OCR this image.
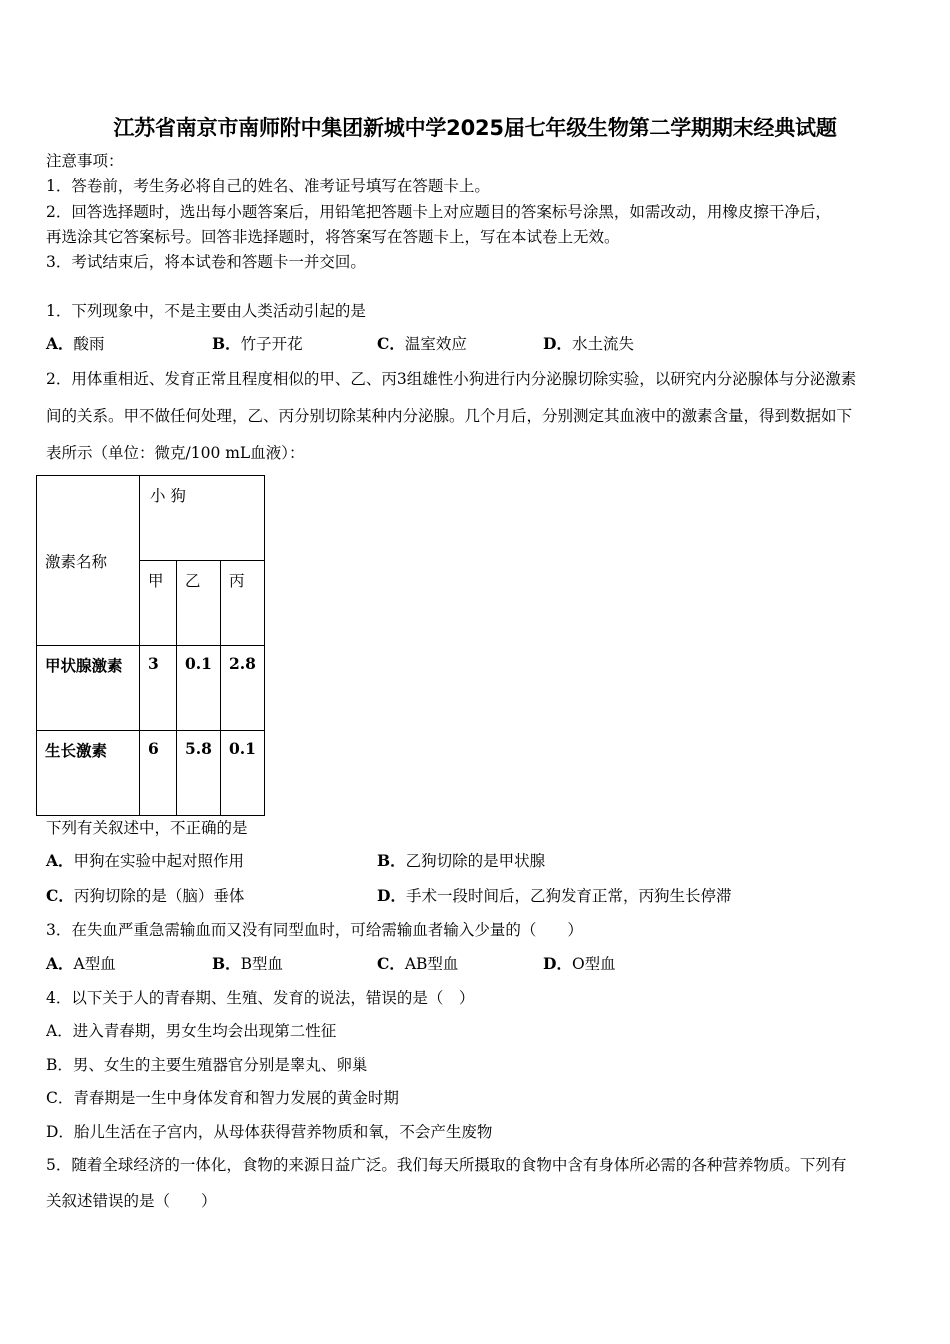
江苏省南京市南师附中集团新城中学2025届七年级生物第二学期期末经典试题
注意事项：
1．答卷前，考生务必将自己的姓名、准考证号填写在答题卡上。
2．回答选择题时，选出每小题答案后，用铅笔把答题卡上对应题目的答案标号涂黑，如需改动，用橡皮擦干净后，
再选涂其它答案标号。回答非选择题时，将答案写在答题卡上，写在本试卷上无效。
3．考试结束后，将本试卷和答题卡一并交回。
1．下列现象中，不是主要由人类活动引起的是
A．酸雨	B．竹子开花	C．温室效应	D．水土流失
2．用体重相近、发育正常且程度相似的甲、乙、丙3组雄性小狗进行内分泌腺切除实验，以研究内分泌腺体与分泌激素
间的关系。甲不做任何处理，乙、丙分别切除某种内分泌腺。几个月后，分别测定其血液中的激素含量，得到数据如下
表所示（单位：微克/100 mL血液）：
激素名称	小 狗		

	甲	乙	丙

甲状腺激素	3	0.1	2.8

生长激素	6	5.8	0.1
下列有关叙述中，不正确的是
A．甲狗在实验中起对照作用	B．乙狗切除的是甲状腺
C．丙狗切除的是（脑）垂体	D．手术一段时间后，乙狗发育正常，丙狗生长停滞
3．在失血严重急需输血而又没有同型血时，可给需输血者输入少量的（　　）
A．A型血	B．B型血	C．AB型血	D．O型血
4．以下关于人的青春期、生殖、发育的说法，错误的是（　）
A．进入青春期，男女生均会出现第二性征
B．男、女生的主要生殖器官分别是睾丸、卵巢
C．青春期是一生中身体发育和智力发展的黄金时期
D．胎儿生活在子宫内，从母体获得营养物质和氧，不会产生废物
5．随着全球经济的一体化，食物的来源日益广泛。我们每天所摄取的食物中含有身体所必需的各种营养物质。下列有
关叙述错误的是（　　）
